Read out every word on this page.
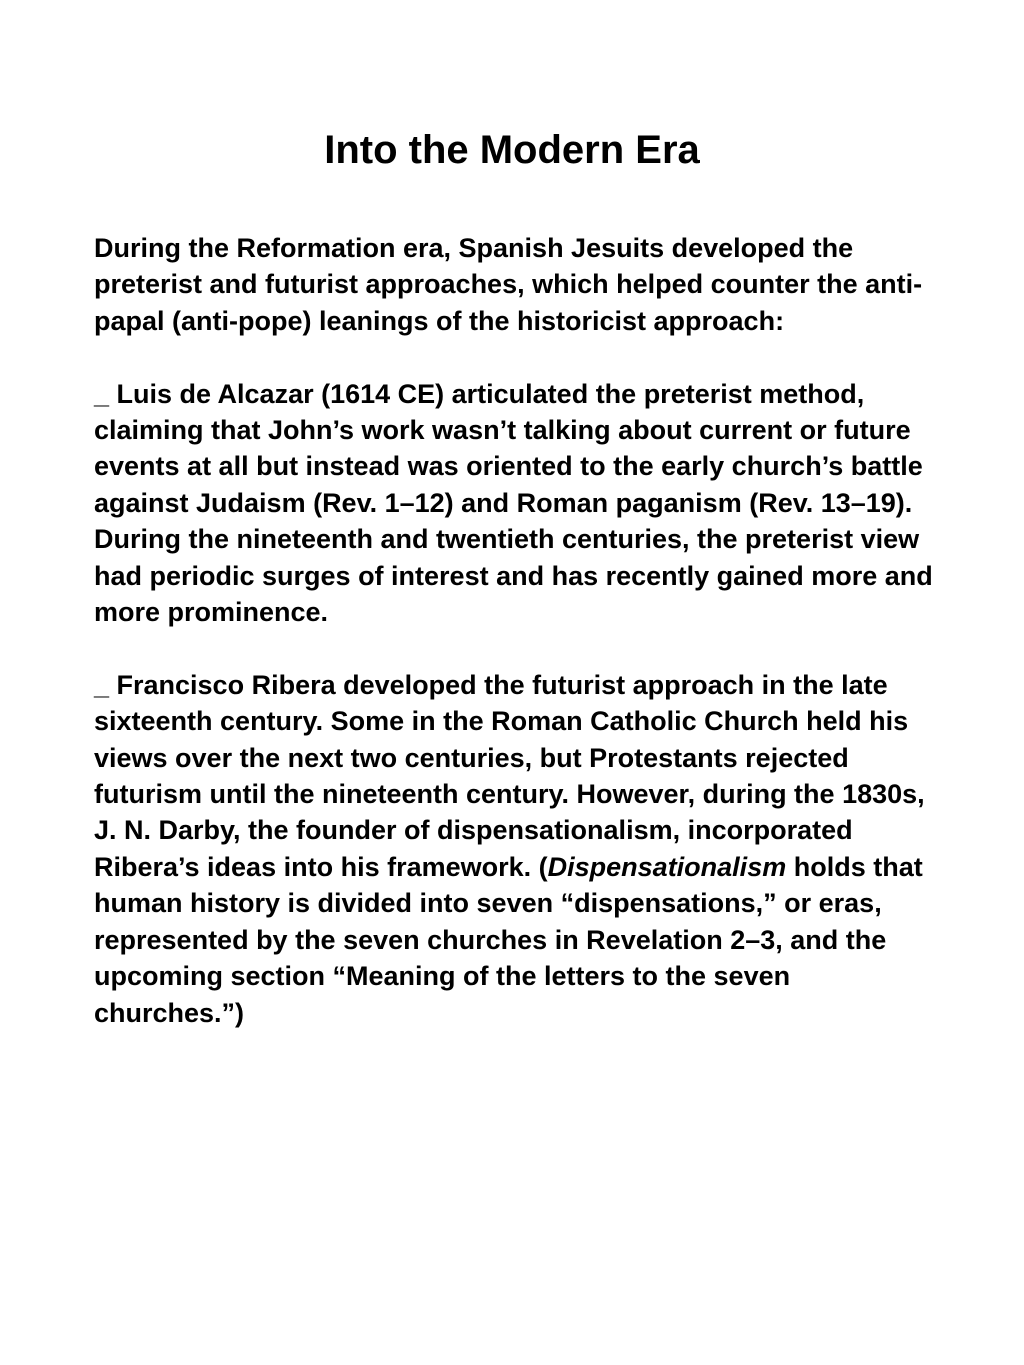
Into the Modern Era

During the Reformation era, Spanish Jesuits developed the preterist and futurist approaches, which helped counter the anti-papal (anti-pope) leanings of the historicist approach:

_ Luis de Alcazar (1614 CE) articulated the preterist method, claiming that John’s work wasn’t talking about current or future events at all but instead was oriented to the early church’s battle against Judaism (Rev. 1–12) and Roman paganism (Rev. 13–19). During the nineteenth and twentieth centuries, the preterist view had periodic surges of interest and has recently gained more and more prominence.

_ Francisco Ribera developed the futurist approach in the late sixteenth century. Some in the Roman Catholic Church held his views over the next two centuries, but Protestants rejected futurism until the nineteenth century. However, during the 1830s, J. N. Darby, the founder of dispensationalism, incorporated Ribera’s ideas into his framework. (Dispensationalism holds that human history is divided into seven “dispensations,” or eras, represented by the seven churches in Revelation 2–3, and the upcoming section “Meaning of the letters to the seven churches.”)
